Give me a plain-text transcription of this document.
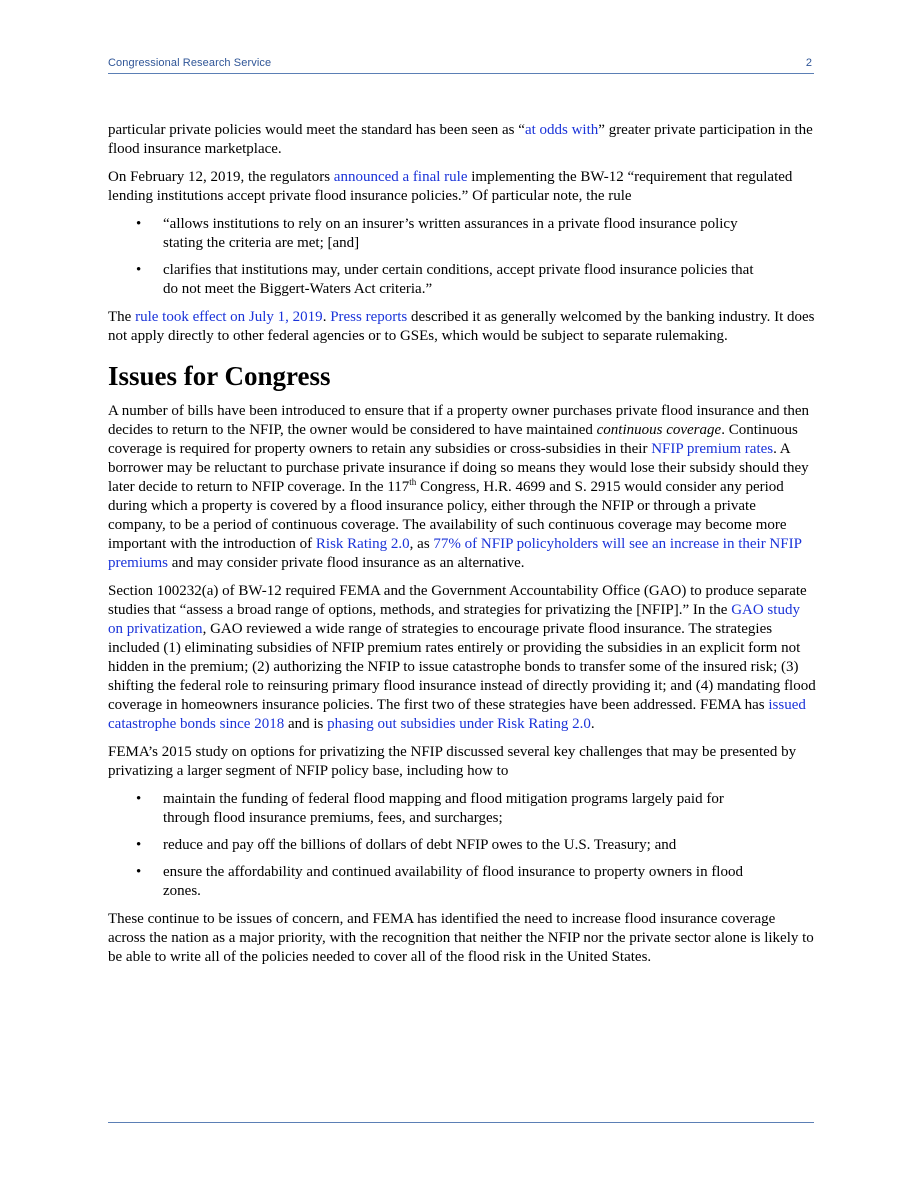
Congressional Research Service	2

particular private policies would meet the standard has been seen as “at odds with” greater private participation in the flood insurance marketplace.

On February 12, 2019, the regulators announced a final rule implementing the BW-12 “requirement that regulated lending institutions accept private flood insurance policies.” Of particular note, the rule

• “allows institutions to rely on an insurer’s written assurances in a private flood insurance policy stating the criteria are met; [and]
• clarifies that institutions may, under certain conditions, accept private flood insurance policies that do not meet the Biggert-Waters Act criteria.”

The rule took effect on July 1, 2019. Press reports described it as generally welcomed by the banking industry. It does not apply directly to other federal agencies or to GSEs, which would be subject to separate rulemaking.

Issues for Congress

A number of bills have been introduced to ensure that if a property owner purchases private flood insurance and then decides to return to the NFIP, the owner would be considered to have maintained continuous coverage. Continuous coverage is required for property owners to retain any subsidies or cross-subsidies in their NFIP premium rates. A borrower may be reluctant to purchase private insurance if doing so means they would lose their subsidy should they later decide to return to NFIP coverage. In the 117th Congress, H.R. 4699 and S. 2915 would consider any period during which a property is covered by a flood insurance policy, either through the NFIP or through a private company, to be a period of continuous coverage. The availability of such continuous coverage may become more important with the introduction of Risk Rating 2.0, as 77% of NFIP policyholders will see an increase in their NFIP premiums and may consider private flood insurance as an alternative.

Section 100232(a) of BW-12 required FEMA and the Government Accountability Office (GAO) to produce separate studies that “assess a broad range of options, methods, and strategies for privatizing the [NFIP].” In the GAO study on privatization, GAO reviewed a wide range of strategies to encourage private flood insurance. The strategies included (1) eliminating subsidies of NFIP premium rates entirely or providing the subsidies in an explicit form not hidden in the premium; (2) authorizing the NFIP to issue catastrophe bonds to transfer some of the insured risk; (3) shifting the federal role to reinsuring primary flood insurance instead of directly providing it; and (4) mandating flood coverage in homeowners insurance policies. The first two of these strategies have been addressed. FEMA has issued catastrophe bonds since 2018 and is phasing out subsidies under Risk Rating 2.0.

FEMA’s 2015 study on options for privatizing the NFIP discussed several key challenges that may be presented by privatizing a larger segment of NFIP policy base, including how to

• maintain the funding of federal flood mapping and flood mitigation programs largely paid for through flood insurance premiums, fees, and surcharges;
• reduce and pay off the billions of dollars of debt NFIP owes to the U.S. Treasury; and
• ensure the affordability and continued availability of flood insurance to property owners in flood zones.

These continue to be issues of concern, and FEMA has identified the need to increase flood insurance coverage across the nation as a major priority, with the recognition that neither the NFIP nor the private sector alone is likely to be able to write all of the policies needed to cover all of the flood risk in the United States.
